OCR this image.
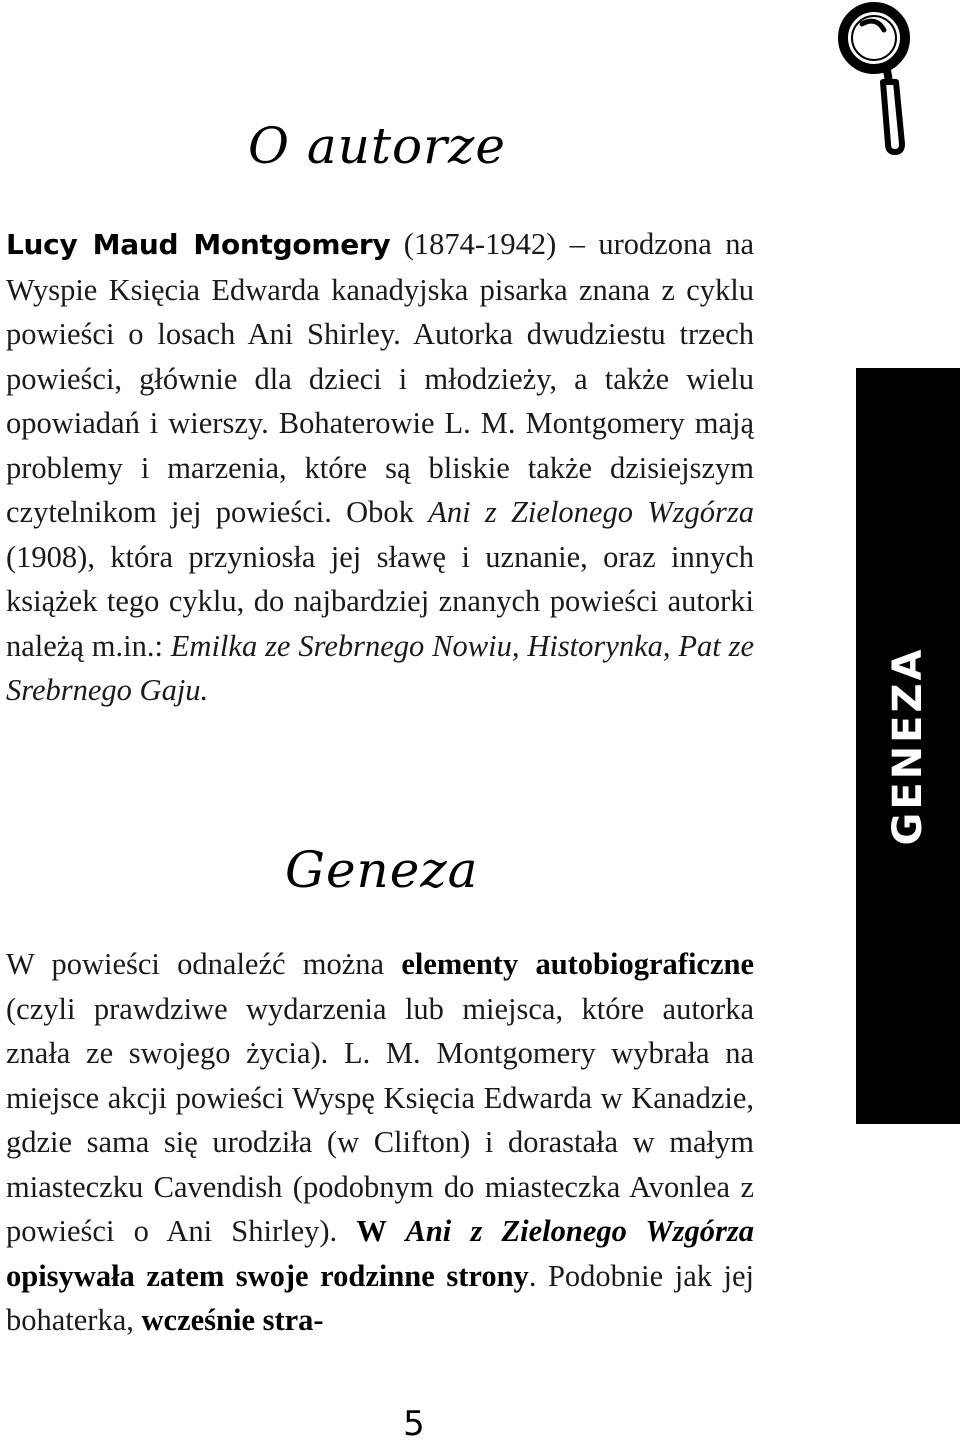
O autorze

Lucy Maud Montgomery (1874-1942) – urodzona na Wyspie Księcia Edwarda kanadyjska pisarka znana z cyklu powieści o losach Ani Shirley. Autorka dwudziestu trzech powieści, głównie dla dzieci i młodzieży, a także wielu opowiadań i wierszy. Bohaterowie L. M. Montgomery mają problemy i marzenia, które są bliskie także dzisiejszym czytelnikom jej powieści. Obok Ani z Zielonego Wzgórza (1908), która przyniosła jej sławę i uznanie, oraz innych książek tego cyklu, do najbardziej znanych powieści autorki należą m.in.: Emilka ze Srebrnego Nowiu, Historynka, Pat ze Srebrnego Gaju.

Geneza

W powieści odnaleźć można elementy autobiograficzne (czyli prawdziwe wydarzenia lub miejsca, które autorka znała ze swojego życia). L. M. Montgomery wybrała na miejsce akcji powieści Wyspę Księcia Edwarda w Kanadzie, gdzie sama się urodziła (w Clifton) i dorastała w małym miasteczku Cavendish (podobnym do miasteczka Avonlea z powieści o Ani Shirley). W Ani z Zielonego Wzgórza opisywała zatem swoje rodzinne strony. Podobnie jak jej bohaterka, wcześnie stra-

GENEZA
5
